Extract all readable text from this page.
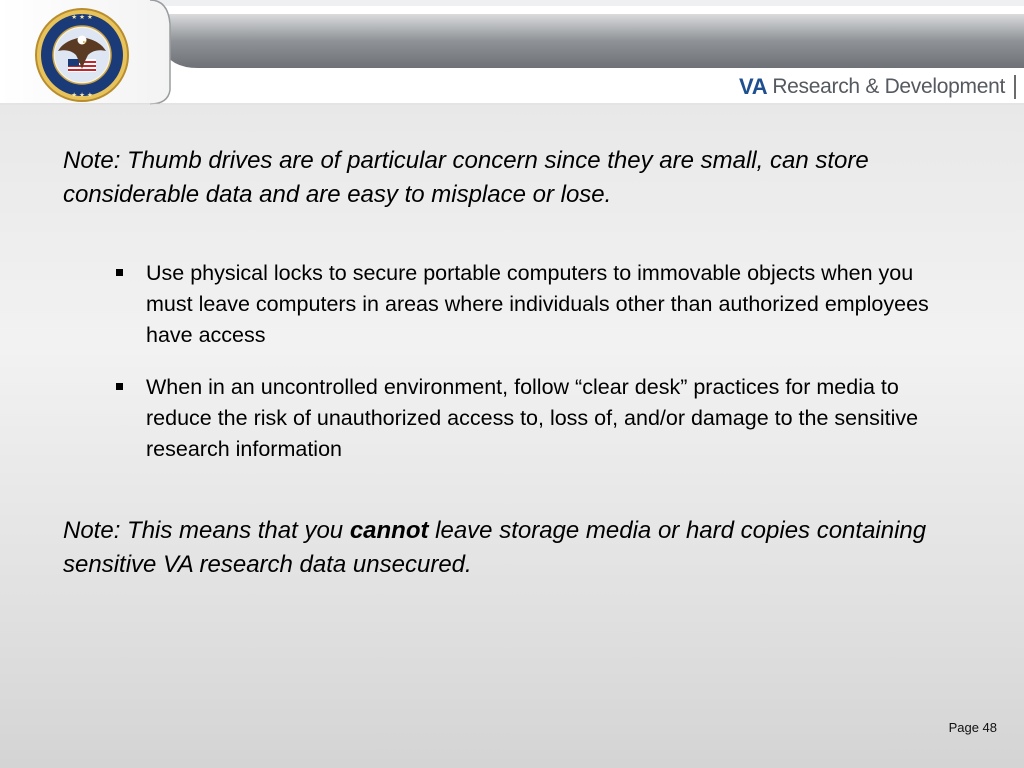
★ ★ ★
★ ★ ★	VA Research & Development
Note: Thumb drives are of particular concern since they are small, can store considerable data and are easy to misplace or lose.
Use physical locks to secure portable computers to immovable objects when you must leave computers in areas where individuals other than authorized employees have access
When in an uncontrolled environment, follow “clear desk” practices for media to reduce the risk of unauthorized access to, loss of, and/or damage to the sensitive research information
Note: This means that you cannot leave storage media or hard copies containing sensitive VA research data unsecured.
Page 48
